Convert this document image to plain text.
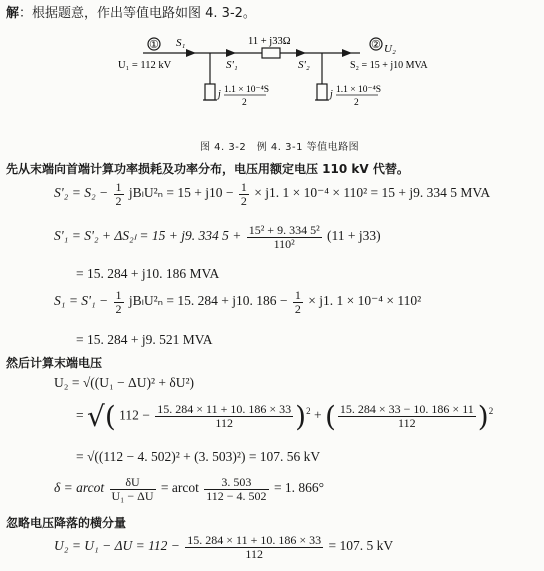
解：根据题意，作出等值电路如图 4. 3-2。
①	②
S₁
U₁ = 112 kV
11 + j33Ω
S'₁	S'₂
U₂
S₂ = 15 + j10 MVA
j 1.1 × 10⁻⁴S
2
j 1.1 × 10⁻⁴S
2
图 4. 3-2　例 4. 3-1 等值电路图
先从末端向首端计算功率损耗及功率分布，电压用额定电压 110 kV 代替。
$S'_2 = S_2 - \frac{1}{2} jB_lU^2_n = 15 + j10 - \frac{1}{2} \times j1$. 1 × 10⁻⁴ × 110² = 15 + j9. 334 5 MVA
S'₁ = S'₂ + ΔS₂ₗ = 15 + j9. 334 $5 + \frac{\text{15² + 9. 334 5²}}{\text{110²}} (11 + j33)$
= 15. 284 + j10. 186 MVA
$S_1 = S'_1 - \frac{1}{2} jB_lU^2_n = 15$. 284 + j10. $186 - \frac{1}{2} \times j1$. 1 × 10⁻⁴ × 110²
= 15. 284 + j9. 521 MVA
然后计算末端电压
U₂ = √((U₁ − ΔU)² + δU²)
= √( $112 - \frac{15. 284 \times 11 + 10. 186 \times 33}{112} )^2$ + ( $\frac{15. 284 \times 33 - 10. 186 \times 11}{112} )^2$
= √((112 − 4. 502)² + (3. 503)²) = 107. 56 kV
δ = arcot $\frac{\delta U}{\text{U₁ − ΔU}} = arcot \frac{3. 503}{112 - 4. 502} = 1$. 866°
忽略电压降落的横分量
$U_2 = U_1 - \Delta U = 112 - \frac{15. 284 \times 11 + 10. 186 \times 33}{112} = 107$. 5 kV
